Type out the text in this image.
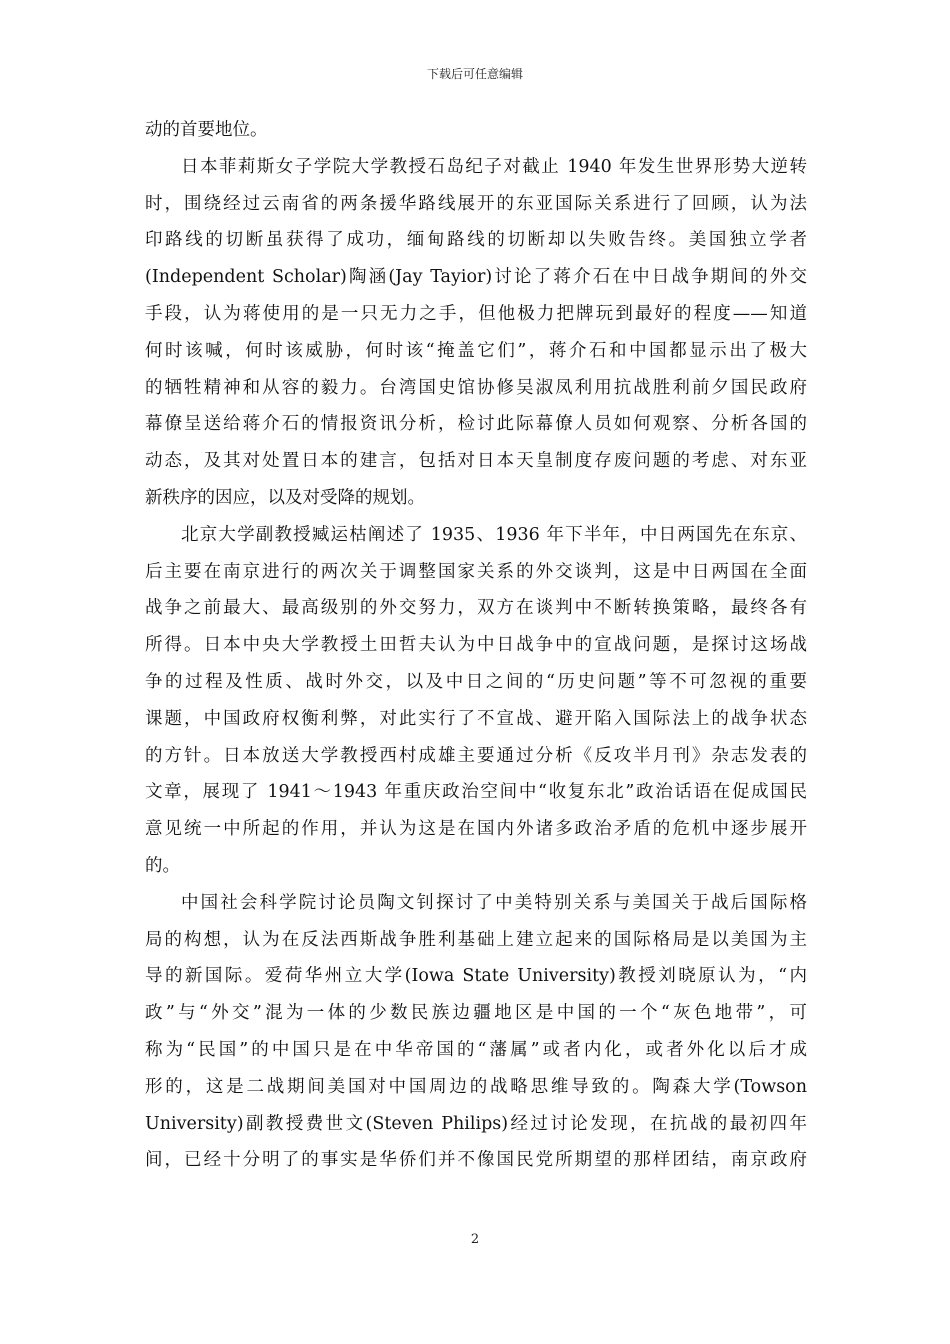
下载后可任意编辑

动的首要地位。

日本菲莉斯女子学院大学教授石岛纪子对截止 1940 年发生世界形势大逆转
时，围绕经过云南省的两条援华路线展开的东亚国际关系进行了回顾，认为法
印路线的切断虽获得了成功，缅甸路线的切断却以失败告终。美国独立学者
(Independent Scholar)陶涵(Jay Tayior)讨论了蒋介石在中日战争期间的外交
手段，认为蒋使用的是一只无力之手，但他极力把牌玩到最好的程度——知道
何时该喊，何时该威胁，何时该“掩盖它们”，蒋介石和中国都显示出了极大
的牺牲精神和从容的毅力。台湾国史馆协修吴淑凤利用抗战胜利前夕国民政府
幕僚呈送给蒋介石的情报资讯分析，检讨此际幕僚人员如何观察、分析各国的
动态，及其对处置日本的建言，包括对日本天皇制度存废问题的考虑、对东亚
新秩序的因应，以及对受降的规划。

北京大学副教授臧运枯阐述了 1935、1936 年下半年，中日两国先在东京、
后主要在南京进行的两次关于调整国家关系的外交谈判，这是中日两国在全面
战争之前最大、最高级别的外交努力，双方在谈判中不断转换策略，最终各有
所得。日本中央大学教授土田哲夫认为中日战争中的宣战问题，是探讨这场战
争的过程及性质、战时外交，以及中日之间的“历史问题”等不可忽视的重要
课题，中国政府权衡利弊，对此实行了不宣战、避开陷入国际法上的战争状态
的方针。日本放送大学教授西村成雄主要通过分析《反攻半月刊》杂志发表的
文章，展现了 1941～1943 年重庆政治空间中“收复东北”政治话语在促成国民
意见统一中所起的作用，并认为这是在国内外诸多政治矛盾的危机中逐步展开
的。

中国社会科学院讨论员陶文钊探讨了中美特别关系与美国关于战后国际格
局的构想，认为在反法西斯战争胜利基础上建立起来的国际格局是以美国为主
导的新国际。爱荷华州立大学(Iowa State University)教授刘晓原认为，“内
政”与“外交”混为一体的少数民族边疆地区是中国的一个“灰色地带”，可
称为“民国”的中国只是在中华帝国的“藩属”或者内化，或者外化以后才成
形的，这是二战期间美国对中国周边的战略思维导致的。陶森大学(Towson
University)副教授费世文(Steven Philips)经过讨论发现，在抗战的最初四年
间，已经十分明了的事实是华侨们并不像国民党所期望的那样团结，南京政府

2
